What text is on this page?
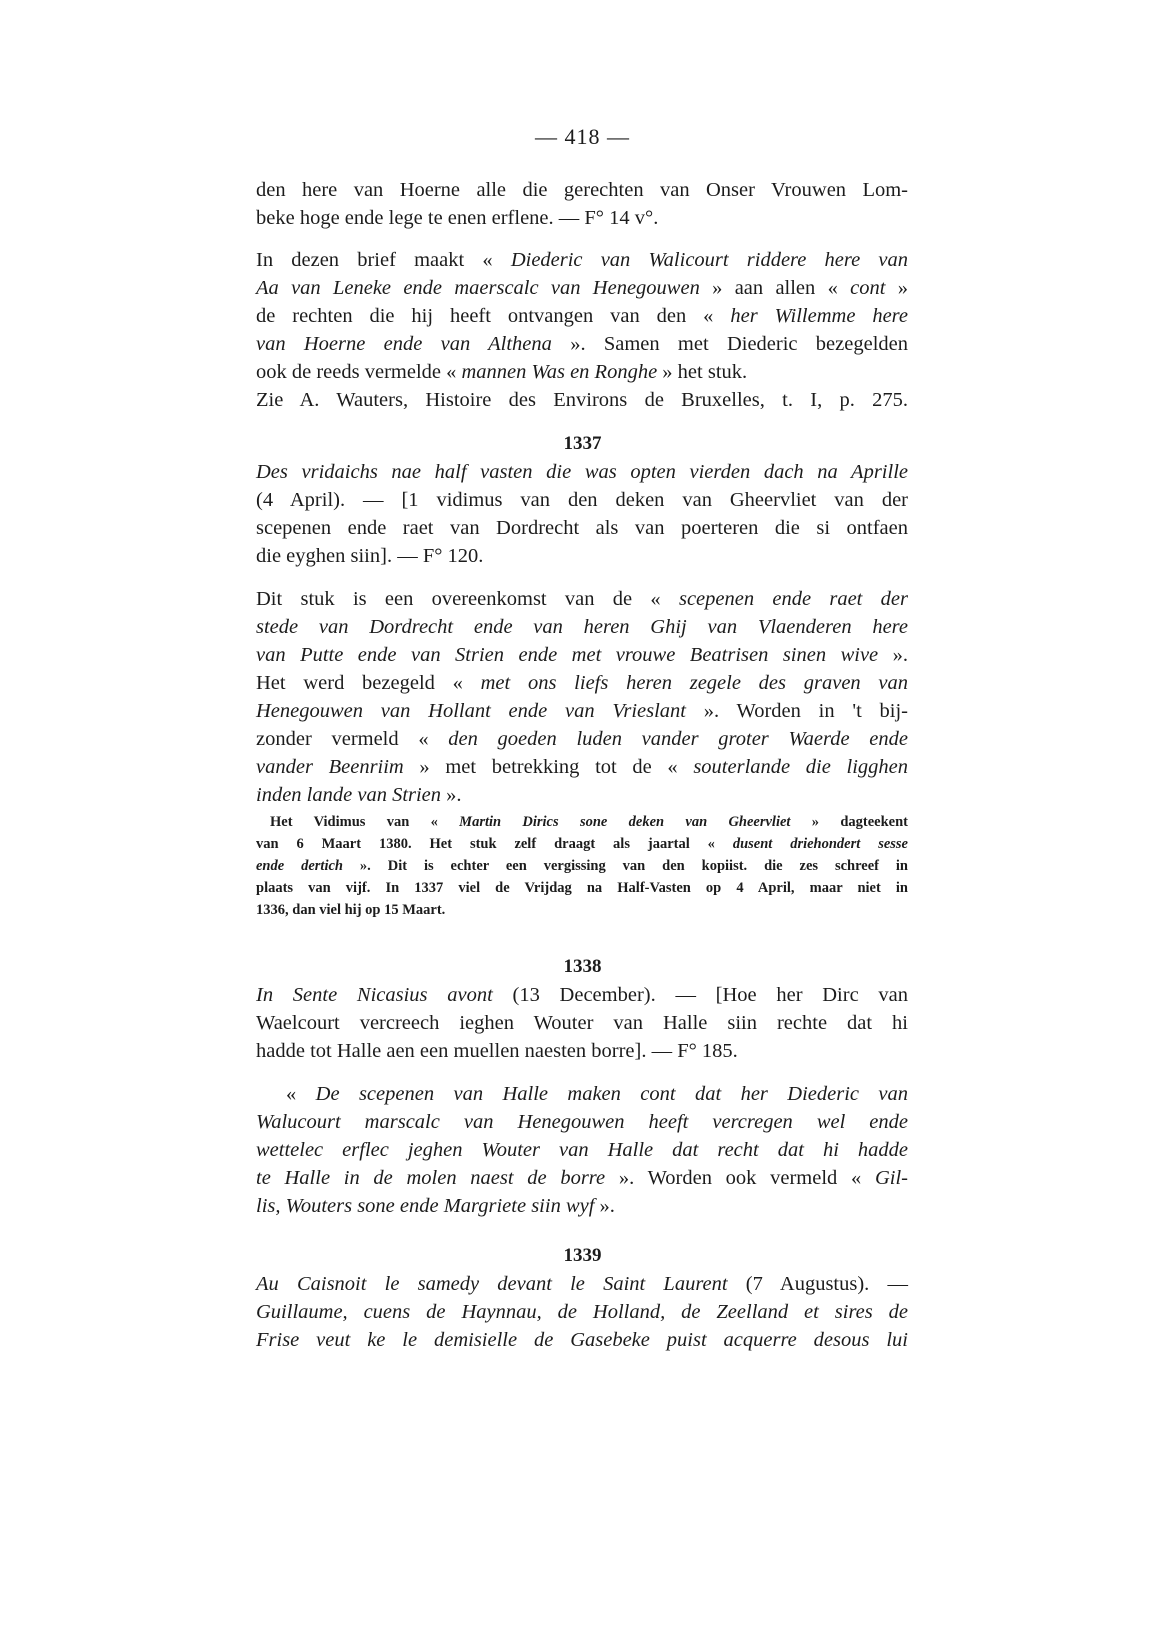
— 418 —
den here van Hoerne alle die gerechten van Onser Vrouwen Lom-
beke hoge ende lege te enen erflene. — F° 14 v°.
In dezen brief maakt « Diederic van Walicourt riddere here van
Aa van Leneke ende maerscalc van Henegouwen » aan allen « cont »
de rechten die hij heeft ontvangen van den « her Willemme here
van Hoerne ende van Althena ». Samen met Diederic bezegelden
ook de reeds vermelde « mannen Was en Ronghe » het stuk.
Zie A. Wauters, Histoire des Environs de Bruxelles, t. I, p. 275.
1337
Des vridaichs nae half vasten die was opten vierden dach na Aprille
(4 April). — [1 vidimus van den deken van Gheervliet van der
scepenen ende raet van Dordrecht als van poerteren die si ontfaen
die eyghen siin]. — F° 120.
Dit stuk is een overeenkomst van de « scepenen ende raet der
stede van Dordrecht ende van heren Ghij van Vlaenderen here
van Putte ende van Strien ende met vrouwe Beatrisen sinen wive ».
Het werd bezegeld « met ons liefs heren zegele des graven van
Henegouwen van Hollant ende van Vrieslant ». Worden in 't bij-
zonder vermeld « den goeden luden vander groter Waerde ende
vander Beenriim » met betrekking tot de « souterlande die ligghen
inden lande van Strien ».
Het Vidimus van « Martin Dirics sone deken van Gheervliet » dagteekent
van 6 Maart 1380. Het stuk zelf draagt als jaartal « dusent driehondert sesse
ende dertich ». Dit is echter een vergissing van den kopiist. die zes schreef in
plaats van vijf. In 1337 viel de Vrijdag na Half-Vasten op 4 April, maar niet in
1336, dan viel hij op 15 Maart.
1338
In Sente Nicasius avont (13 December). — [Hoe her Dirc van
Waelcourt vercreech ieghen Wouter van Halle siin rechte dat hi
hadde tot Halle aen een muellen naesten borre]. — F° 185.
« De scepenen van Halle maken cont dat her Diederic van
Walucourt marscalc van Henegouwen heeft vercregen wel ende
wettelec erflec jeghen Wouter van Halle dat recht dat hi hadde
te Halle in de molen naest de borre ». Worden ook vermeld « Gil-
lis, Wouters sone ende Margriete siin wyf ».
1339
Au Caisnoit le samedy devant le Saint Laurent (7 Augustus). —
Guillaume, cuens de Haynnau, de Holland, de Zeelland et sires de
Frise veut ke le demisielle de Gasebeke puist acquerre desous lui
